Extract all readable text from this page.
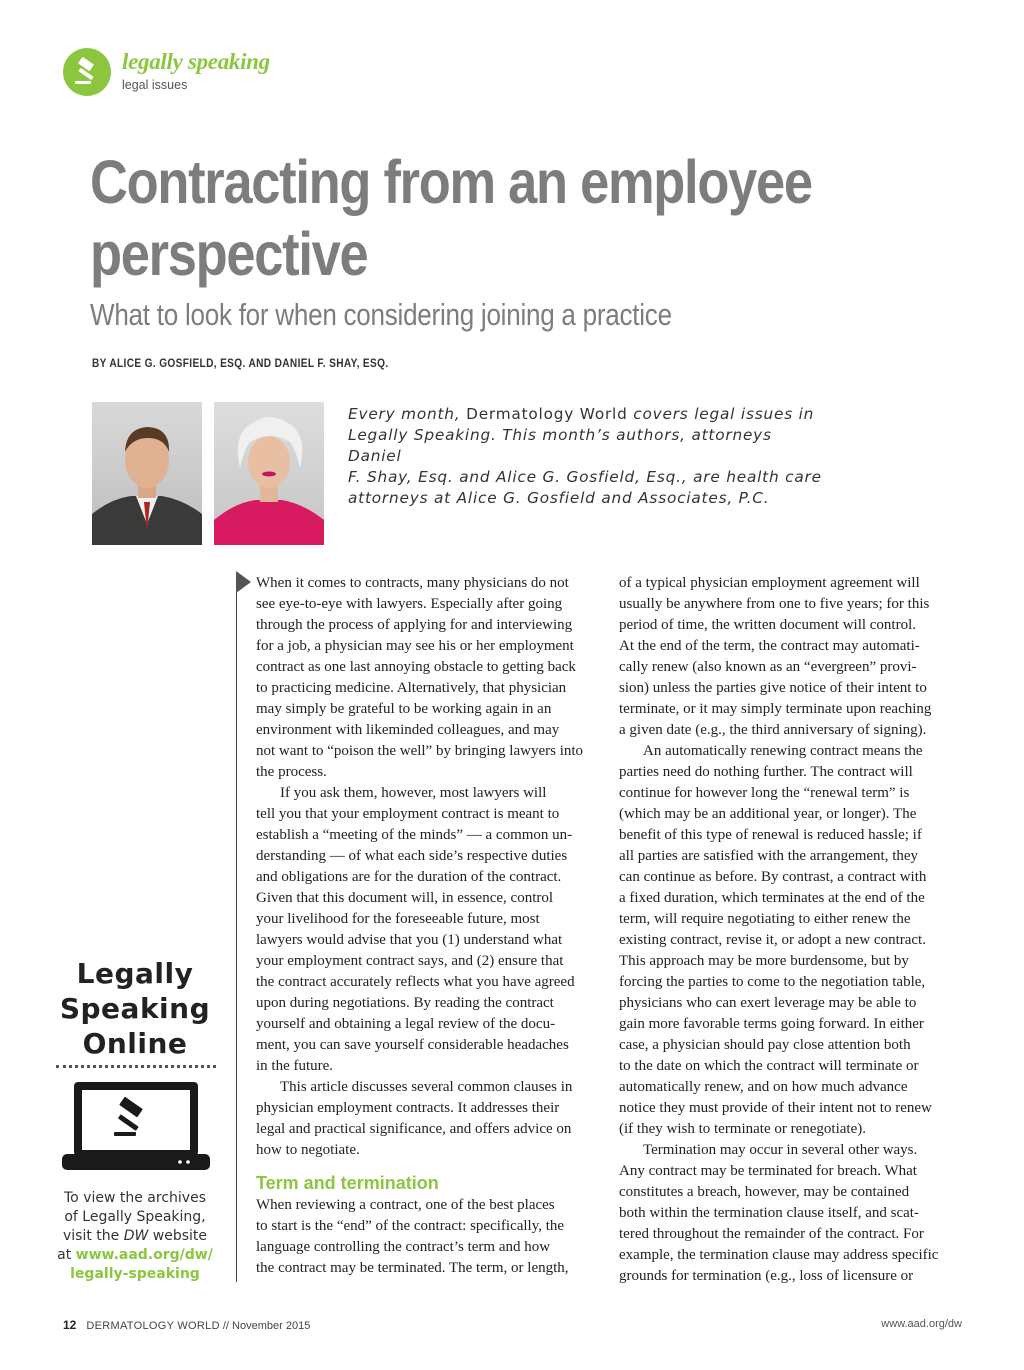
legally speaking
legal issues
Contracting from an employee
perspective
What to look for when considering joining a practice
BY ALICE G. GOSFIELD, ESQ. AND DANIEL F. SHAY, ESQ.
Every month, Dermatology World covers legal issues in
Legally Speaking. This month’s authors, attorneys Daniel
F. Shay, Esq. and Alice G. Gosfield, Esq., are health care
attorneys at Alice G. Gosfield and Associates, P.C.
Legally
Speaking
Online
To view the archives
of Legally Speaking,
visit the DW website
at www.aad.org/dw/
legally-speaking
When it comes to contracts, many physicians do not
see eye-to-eye with lawyers. Especially after going
through the process of applying for and interviewing
for a job, a physician may see his or her employment
contract as one last annoying obstacle to getting back
to practicing medicine. Alternatively, that physician
may simply be grateful to be working again in an
environment with likeminded colleagues, and may
not want to “poison the well” by bringing lawyers into
the process.
If you ask them, however, most lawyers will
tell you that your employment contract is meant to
establish a “meeting of the minds” — a common un-
derstanding — of what each side’s respective duties
and obligations are for the duration of the contract.
Given that this document will, in essence, control
your livelihood for the foreseeable future, most
lawyers would advise that you (1) understand what
your employment contract says, and (2) ensure that
the contract accurately reflects what you have agreed
upon during negotiations. By reading the contract
yourself and obtaining a legal review of the docu-
ment, you can save yourself considerable headaches
in the future.
This article discusses several common clauses in
physician employment contracts. It addresses their
legal and practical significance, and offers advice on
how to negotiate.
Term and termination
When reviewing a contract, one of the best places
to start is the “end” of the contract: specifically, the
language controlling the contract’s term and how
the contract may be terminated. The term, or length,
of a typical physician employment agreement will
usually be anywhere from one to five years; for this
period of time, the written document will control.
At the end of the term, the contract may automati-
cally renew (also known as an “evergreen” provi-
sion) unless the parties give notice of their intent to
terminate, or it may simply terminate upon reaching
a given date (e.g., the third anniversary of signing).
An automatically renewing contract means the
parties need do nothing further. The contract will
continue for however long the “renewal term” is
(which may be an additional year, or longer). The
benefit of this type of renewal is reduced hassle; if
all parties are satisfied with the arrangement, they
can continue as before. By contrast, a contract with
a fixed duration, which terminates at the end of the
term, will require negotiating to either renew the
existing contract, revise it, or adopt a new contract.
This approach may be more burdensome, but by
forcing the parties to come to the negotiation table,
physicians who can exert leverage may be able to
gain more favorable terms going forward. In either
case, a physician should pay close attention both
to the date on which the contract will terminate or
automatically renew, and on how much advance
notice they must provide of their intent not to renew
(if they wish to terminate or renegotiate).
Termination may occur in several other ways.
Any contract may be terminated for breach. What
constitutes a breach, however, may be contained
both within the termination clause itself, and scat-
tered throughout the remainder of the contract. For
example, the termination clause may address specific
grounds for termination (e.g., loss of licensure or
12 DERMATOLOGY WORLD // November 2015	www.aad.org/dw
